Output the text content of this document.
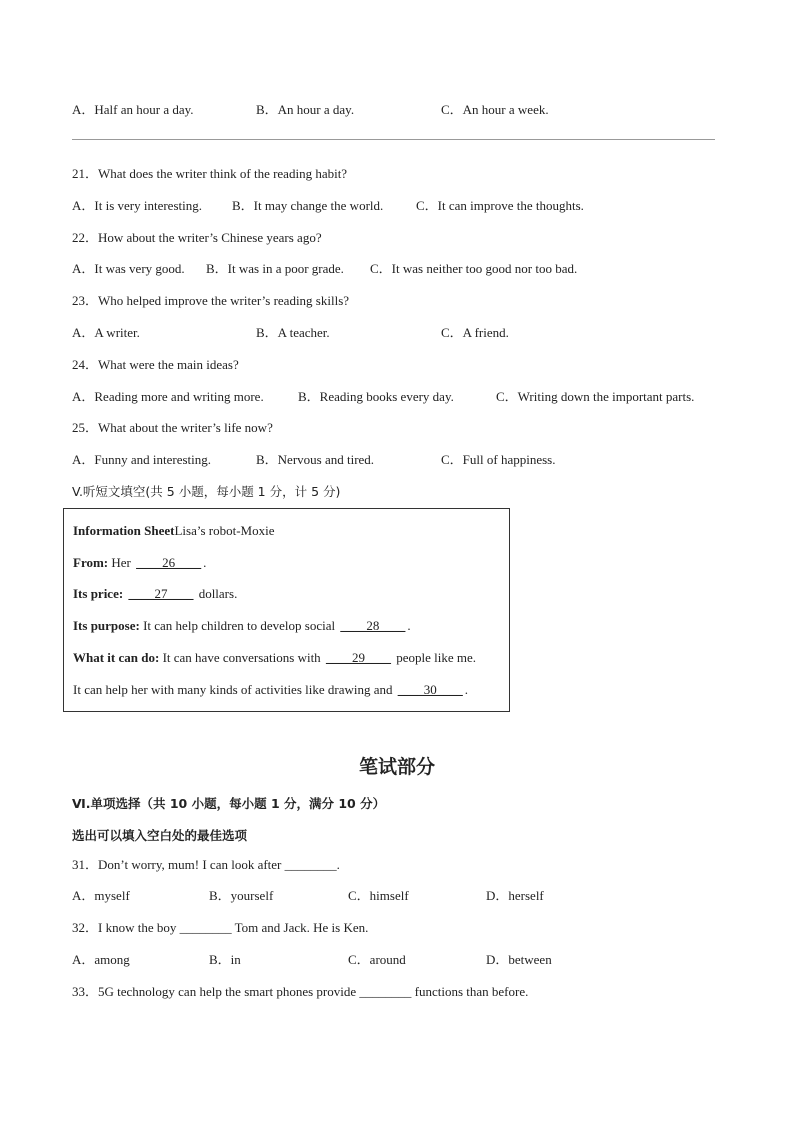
A．Half an hour a day.	B．An hour a day.	C．An hour a week.
21．What does the writer think of the reading habit?
A．It is very interesting. B．It may change the world.	C．It can improve the thoughts.
22．How about the writer’s Chinese years ago?
A．It was very good. B．It was in a poor grade. C．It was neither too good nor too bad.
23．Who helped improve the writer’s reading skills?
A．A writer.	B．A teacher.	C．A friend.
24．What were the main ideas?
A．Reading more and writing more.	B．Reading books every day.	C．Writing down the important parts.
25．What about the writer’s life now?
A．Funny and interesting.	B．Nervous and tired.	C．Full of happiness.
V.听短文填空(共 5 小题，每小题 1 分，计 5 分)
Information SheetLisa’s robot-Moxie
From: Her ____26____ .
Its price: ____27____ dollars.
Its purpose: It can help children to develop social ____28____ .
What it can do: It can have conversations with ____29____ people like me.
It can help her with many kinds of activities like drawing and ____30____ .
笔试部分
Ⅵ.单项选择（共 10 小题，每小题 1 分，满分 10 分）
选出可以填入空白处的最佳选项
31．Don’t worry, mum! I can look after ________.
A．myself	B．yourself	C．himself	D．herself
32．I know the boy ________ Tom and Jack. He is Ken.
A．among	B．in	C．around	D．between
33．5G technology can help the smart phones provide ________ functions than before.
